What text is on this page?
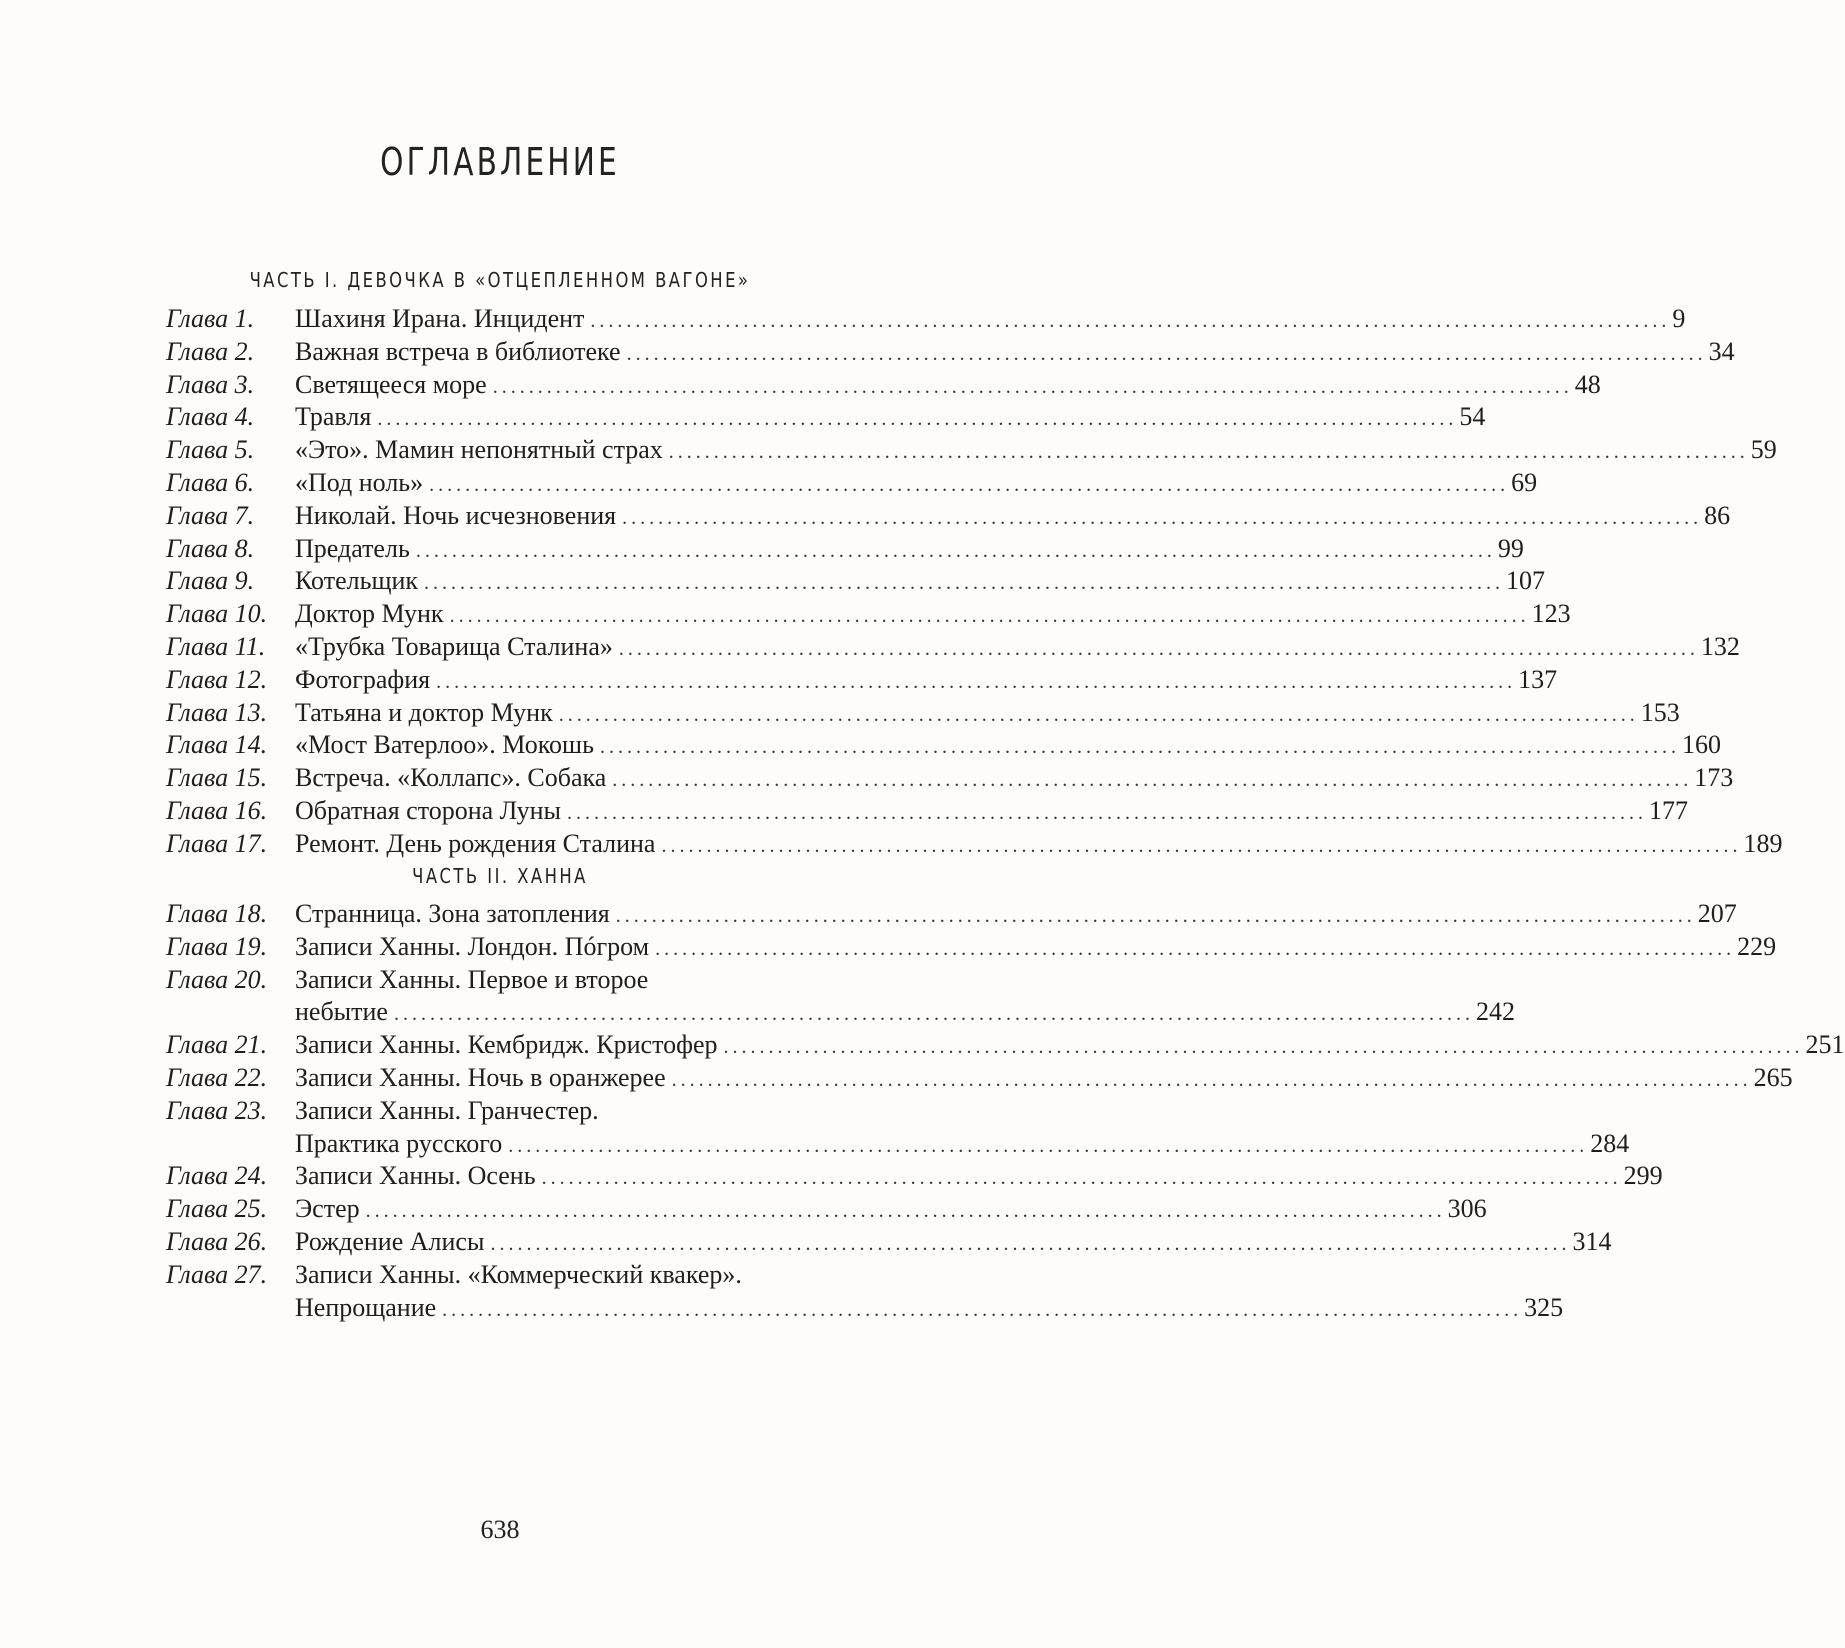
ОГЛАВЛЕНИЕ
ЧАСТЬ I. ДЕВОЧКА В «ОТЦЕПЛЕННОМ ВАГОНЕ»
Глава 1. Шахиня Ирана. Инцидент ........................................................................................................................ 9
Глава 2. Важная встреча в библиотеке ........................................................................................................................ 34
Глава 3. Светящееся море ........................................................................................................................ 48
Глава 4. Травля ........................................................................................................................ 54
Глава 5. «Это». Мамин непонятный страх ........................................................................................................................ 59
Глава 6. «Под ноль» ........................................................................................................................ 69
Глава 7. Николай. Ночь исчезновения ........................................................................................................................ 86
Глава 8. Предатель ........................................................................................................................ 99
Глава 9. Котельщик ........................................................................................................................ 107
Глава 10. Доктор Мунк ........................................................................................................................ 123
Глава 11. «Трубка Товарища Сталина» ........................................................................................................................ 132
Глава 12. Фотография ........................................................................................................................ 137
Глава 13. Татьяна и доктор Мунк ........................................................................................................................ 153
Глава 14. «Мост Ватерлоо». Мокошь ........................................................................................................................ 160
Глава 15. Встреча. «Коллапс». Собака ........................................................................................................................ 173
Глава 16. Обратная сторона Луны ........................................................................................................................ 177
Глава 17. Ремонт. День рождения Сталина ........................................................................................................................ 189
ЧАСТЬ II. ХАННА
Глава 18. Странница. Зона затопления ........................................................................................................................ 207
Глава 19. Записи Ханны. Лондон. Пóгром ........................................................................................................................ 229
Глава 20. Записи Ханны. Первое и второе
небытие ........................................................................................................................ 242
Глава 21. Записи Ханны. Кембридж. Кристофер ........................................................................................................................ 251
Глава 22. Записи Ханны. Ночь в оранжерее ........................................................................................................................ 265
Глава 23. Записи Ханны. Гранчестер.
Практика русского ........................................................................................................................ 284
Глава 24. Записи Ханны. Осень ........................................................................................................................ 299
Глава 25. Эстер ........................................................................................................................ 306
Глава 26. Рождение Алисы ........................................................................................................................ 314
Глава 27. Записи Ханны. «Коммерческий квакер».
Непрощание ........................................................................................................................ 325
638
